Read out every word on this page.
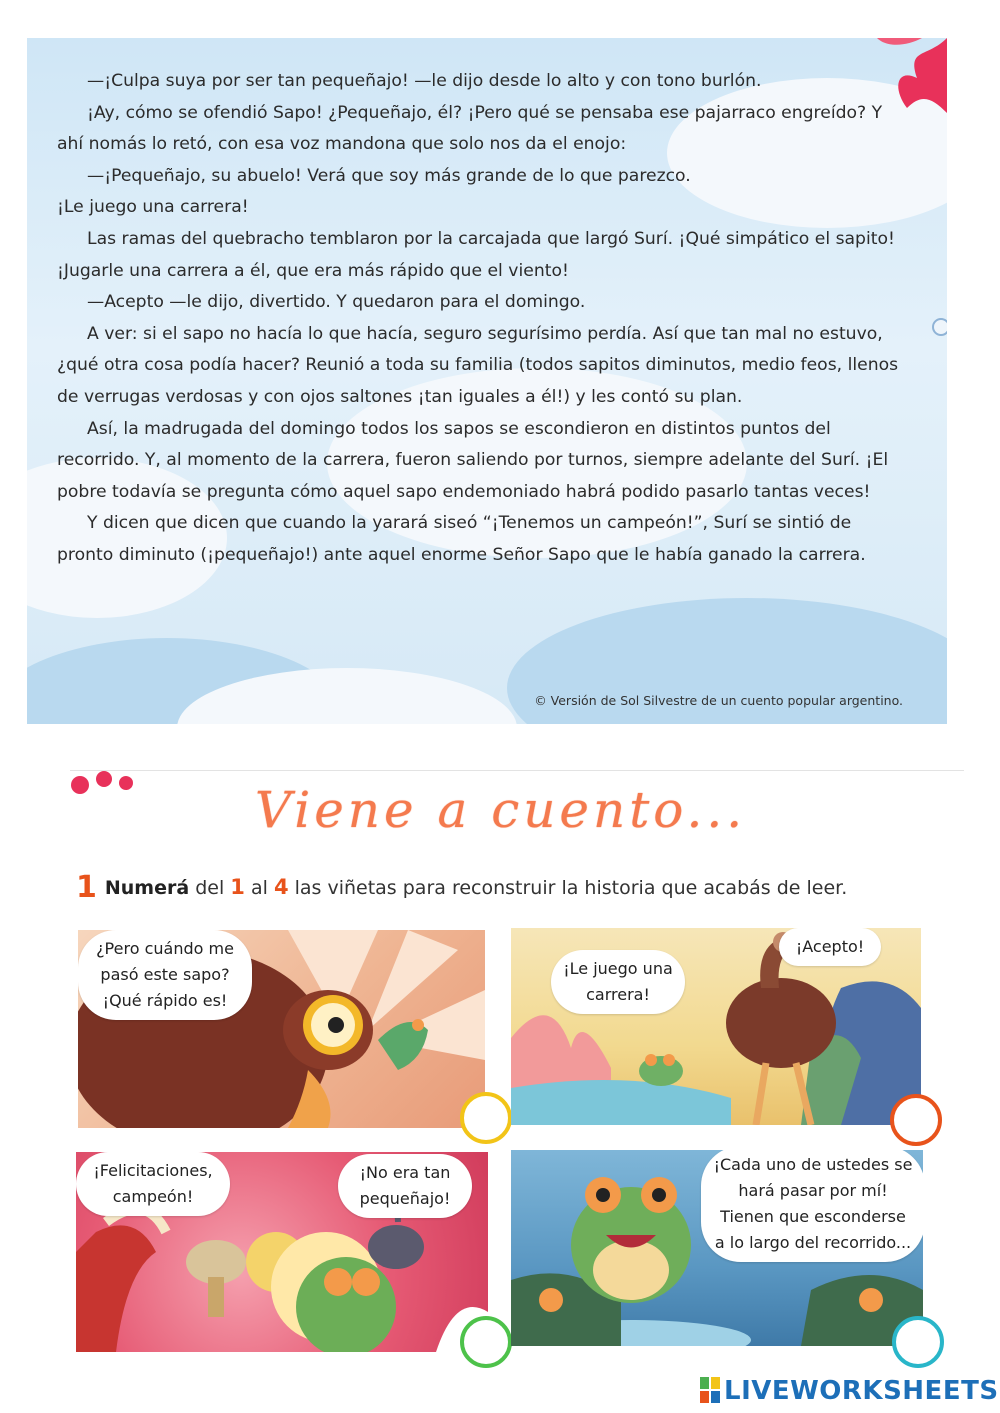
—¡Culpa suya por ser tan pequeñajo! —le dijo desde lo alto y con tono burlón.

¡Ay, cómo se ofendió Sapo! ¿Pequeñajo, él? ¡Pero qué se pensaba ese pajarraco engreído? Y ahí nomás lo retó, con esa voz mandona que solo nos da el enojo:

—¡Pequeñajo, su abuelo! Verá que soy más grande de lo que parezco.

¡Le juego una carrera!

Las ramas del quebracho temblaron por la carcajada que largó Surí. ¡Qué simpático el sapito! ¡Jugarle una carrera a él, que era más rápido que el viento!

—Acepto —le dijo, divertido. Y quedaron para el domingo.

A ver: si el sapo no hacía lo que hacía, seguro segurísimo perdía. Así que tan mal no estuvo, ¿qué otra cosa podía hacer? Reunió a toda su familia (todos sapitos diminutos, medio feos, llenos de verrugas verdosas y con ojos saltones ¡tan iguales a él!) y les contó su plan.

Así, la madrugada del domingo todos los sapos se escondieron en distintos puntos del recorrido. Y, al momento de la carrera, fueron saliendo por turnos, siempre adelante del Surí. ¡El pobre todavía se pregunta cómo aquel sapo endemoniado habrá podido pasarlo tantas veces!

Y dicen que dicen que cuando la yarará siseó “¡Tenemos un campeón!”, Surí se sintió de pronto diminuto (¡pequeñajo!) ante aquel enorme Señor Sapo que le había ganado la carrera.

© Versión de Sol Silvestre de un cuento popular argentino.
Viene a cuento...
1 Numerá del 1 al 4 las viñetas para reconstruir la historia que acabás de leer.
¿Pero cuándo me pasó este sapo? ¡Qué rápido es!
¡Le juego una carrera!
¡Acepto!
¡Felicitaciones, campeón!
¡No era tan pequeñajo!
¡Cada uno de ustedes se hará pasar por mí! Tienen que esconderse a lo largo del recorrido...
LIVEWORKSHEETS
